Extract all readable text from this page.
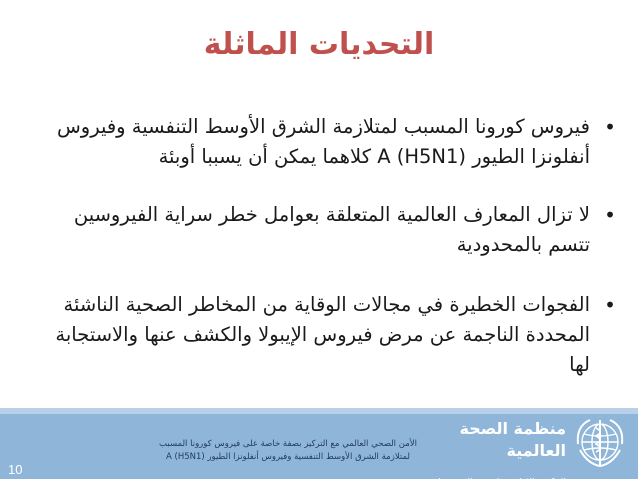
التحديات الماثلة
•
فيروس كورونا المسبب لمتلازمة الشرق الأوسط التنفسية وفيروس
أنفلونزا الطيور A (H5N1) كلاهما يمكن أن يسببا أوبئة
•
لا تزال المعارف العالمية المتعلقة بعوامل خطر سراية الفيروسين
تتسم بالمحدودية
•
الفجوات الخطيرة في مجالات الوقاية من المخاطر الصحية الناشئة
المحددة الناجمة عن مرض فيروس الإيبولا والكشف عنها والاستجابة
لها
10
الأمن الصحي العالمي مع التركيز بصفة خاصة على فيروس كورونا المسبب
لمتلازمة الشرق الأوسط التنفسية وفيروس أنفلونزا الطيور A (H5N1)
منظمة الصحة العالمية
المكتب الإقليمي لشرق المتوسط
